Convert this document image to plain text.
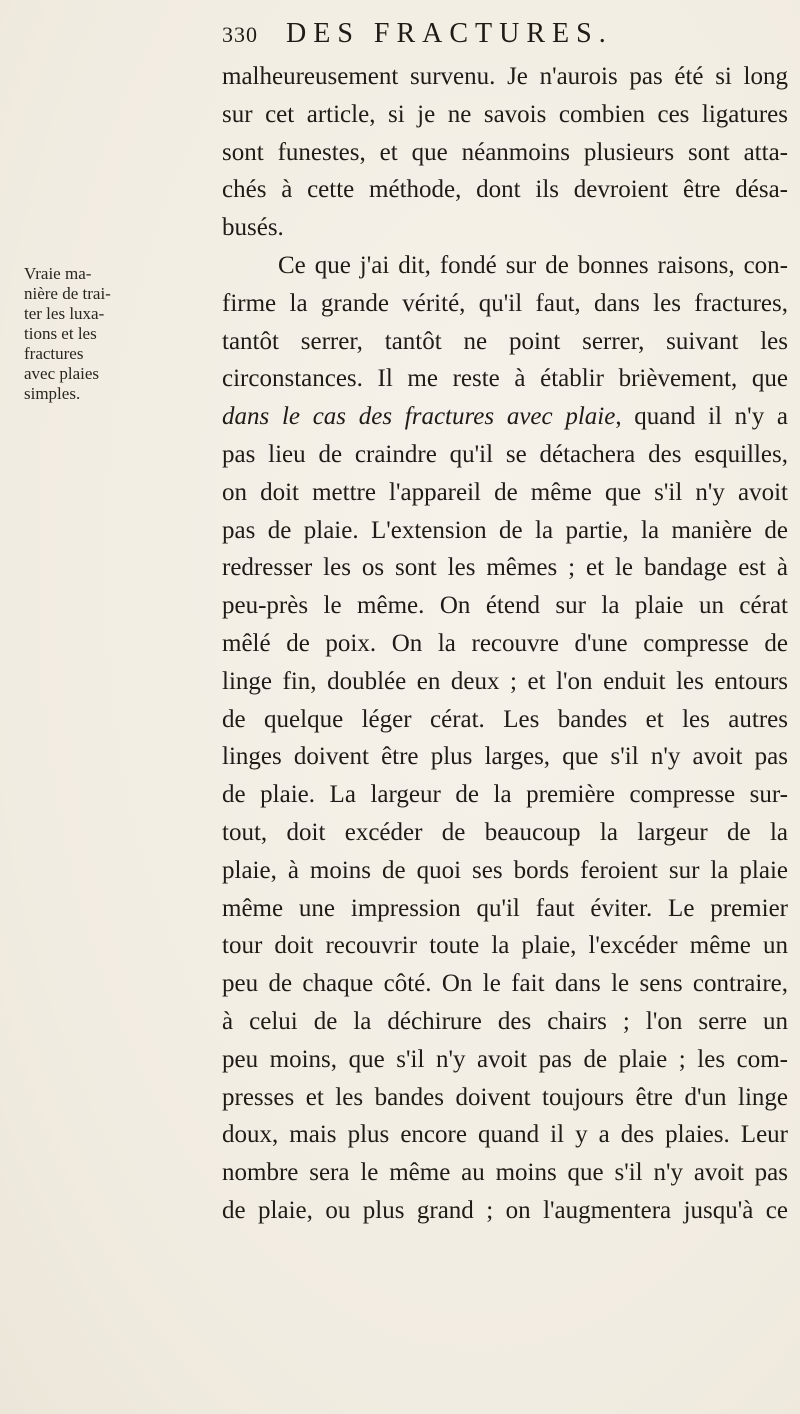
330 DES FRACTURES.
Vraie ma-
nière de trai-
ter les luxa-
tions et les
fractures
avec plaies
simples.
malheureusement survenu. Je n'aurois pas été si long
sur cet article, si je ne savois combien ces ligatures
sont funestes, et que néanmoins plusieurs sont atta-
chés à cette méthode, dont ils devroient être désa-
busés.
Ce que j'ai dit, fondé sur de bonnes raisons, con-
firme la grande vérité, qu'il faut, dans les fractures,
tantôt serrer, tantôt ne point serrer, suivant les
circonstances. Il me reste à établir brièvement, que
dans le cas des fractures avec plaie, quand il n'y a
pas lieu de craindre qu'il se détachera des esquilles,
on doit mettre l'appareil de même que s'il n'y avoit
pas de plaie. L'extension de la partie, la manière de
redresser les os sont les mêmes ; et le bandage est à
peu-près le même. On étend sur la plaie un cérat
mêlé de poix. On la recouvre d'une compresse de
linge fin, doublée en deux ; et l'on enduit les entours
de quelque léger cérat. Les bandes et les autres
linges doivent être plus larges, que s'il n'y avoit pas
de plaie. La largeur de la première compresse sur-
tout, doit excéder de beaucoup la largeur de la
plaie, à moins de quoi ses bords feroient sur la plaie
même une impression qu'il faut éviter. Le premier
tour doit recouvrir toute la plaie, l'excéder même un
peu de chaque côté. On le fait dans le sens contraire,
à celui de la déchirure des chairs ; l'on serre un
peu moins, que s'il n'y avoit pas de plaie ; les com-
presses et les bandes doivent toujours être d'un linge
doux, mais plus encore quand il y a des plaies. Leur
nombre sera le même au moins que s'il n'y avoit pas
de plaie, ou plus grand ; on l'augmentera jusqu'à ce
